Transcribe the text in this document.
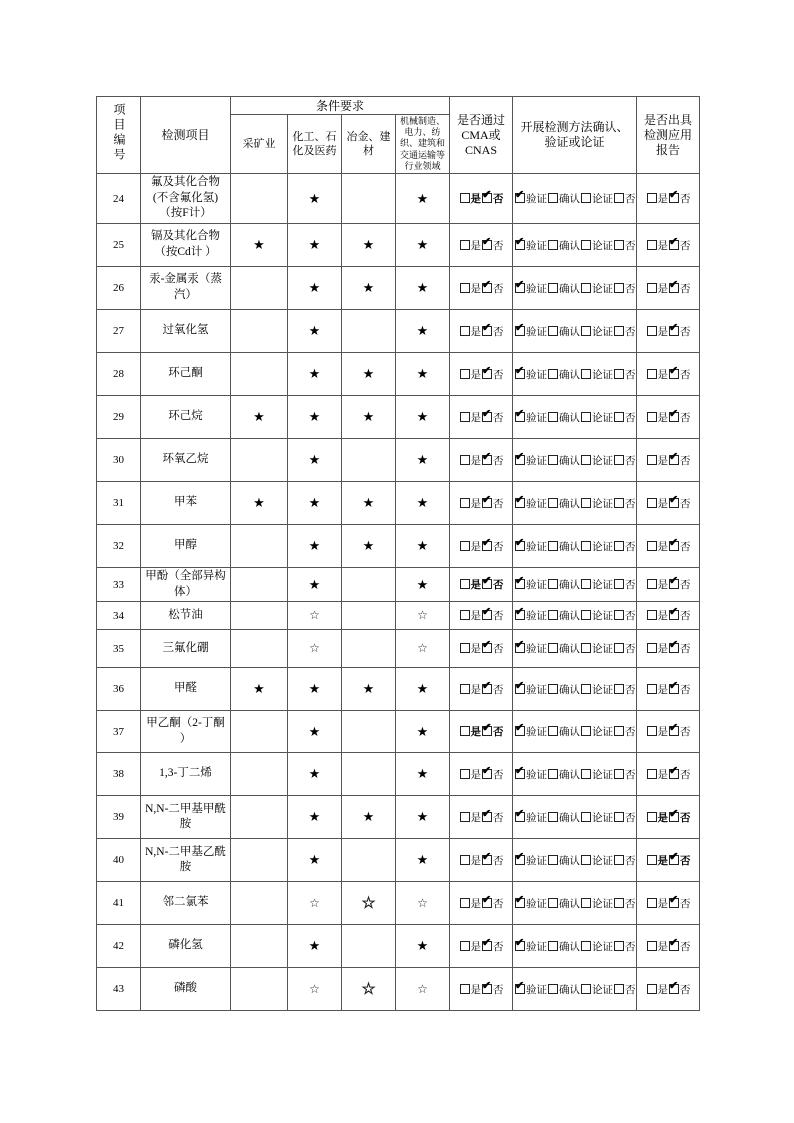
项目编号	检测项目	条件要求				是否通过CMA或CNAS	开展检测方法确认、验证或论证	是否出具检测应用报告
		采矿业	化工、石化及医药	冶金、建材	机械制造、电力、纺织、建筑和交通运输等行业领域			
24	氟及其化合物(不含氟化氢)（按F计）		★		★	是 ✔ 否	✔验证 确认 论证 否	是 ✔ 否
25	镉及其化合物（按Cd计 ）	★	★	★	★	是 ✔ 否	✔验证 确认 论证 否	是 ✔ 否
26	汞-金属汞（蒸汽）		★	★	★	是 ✔ 否	✔验证 确认 论证 否	是 ✔ 否
27	过氧化氢		★		★	是 ✔ 否	✔验证 确认 论证 否	是 ✔ 否
28	环己酮		★	★	★	是 ✔ 否	✔验证 确认 论证 否	是 ✔ 否
29	环己烷	★	★	★	★	是 ✔ 否	✔验证 确认 论证 否	是 ✔ 否
30	环氧乙烷		★		★	是 ✔ 否	✔验证 确认 论证 否	是 ✔ 否
31	甲苯	★	★	★	★	是 ✔ 否	✔验证 确认 论证 否	是 ✔ 否
32	甲醇		★	★	★	是 ✔ 否	✔验证 确认 论证 否	是 ✔ 否
33	甲酚（全部异构体）		★		★	是 ✔ 否	✔验证 确认 论证 否	是 ✔ 否
34	松节油		☆		☆	是 ✔ 否	✔验证 确认 论证 否	是 ✔ 否
35	三氟化硼		☆		☆	是 ✔ 否	✔验证 确认 论证 否	是 ✔ 否
36	甲醛	★	★	★	★	是 ✔ 否	✔验证 确认 论证 否	是 ✔ 否
37	甲乙酮（2-丁酮 ）		★		★	是 ✔ 否	✔验证 确认 论证 否	是 ✔ 否
38	1,3-丁二烯		★		★	是 ✔ 否	✔验证 确认 论证 否	是 ✔ 否
39	N,N-二甲基甲酰胺		★	★	★	是 ✔ 否	✔验证 确认 论证 否	是 ✔ 否
40	N,N-二甲基乙酰胺		★		★	是 ✔ 否	✔验证 确认 论证 否	是 ✔ 否
41	邻二氯苯		☆	☆	☆	是 ✔ 否	✔验证 确认 论证 否	是 ✔ 否
42	磷化氢		★		★	是 ✔ 否	✔验证 确认 论证 否	是 ✔ 否
43	磷酸		☆	☆	☆	是 ✔ 否	✔验证 确认 论证 否	是 ✔ 否
